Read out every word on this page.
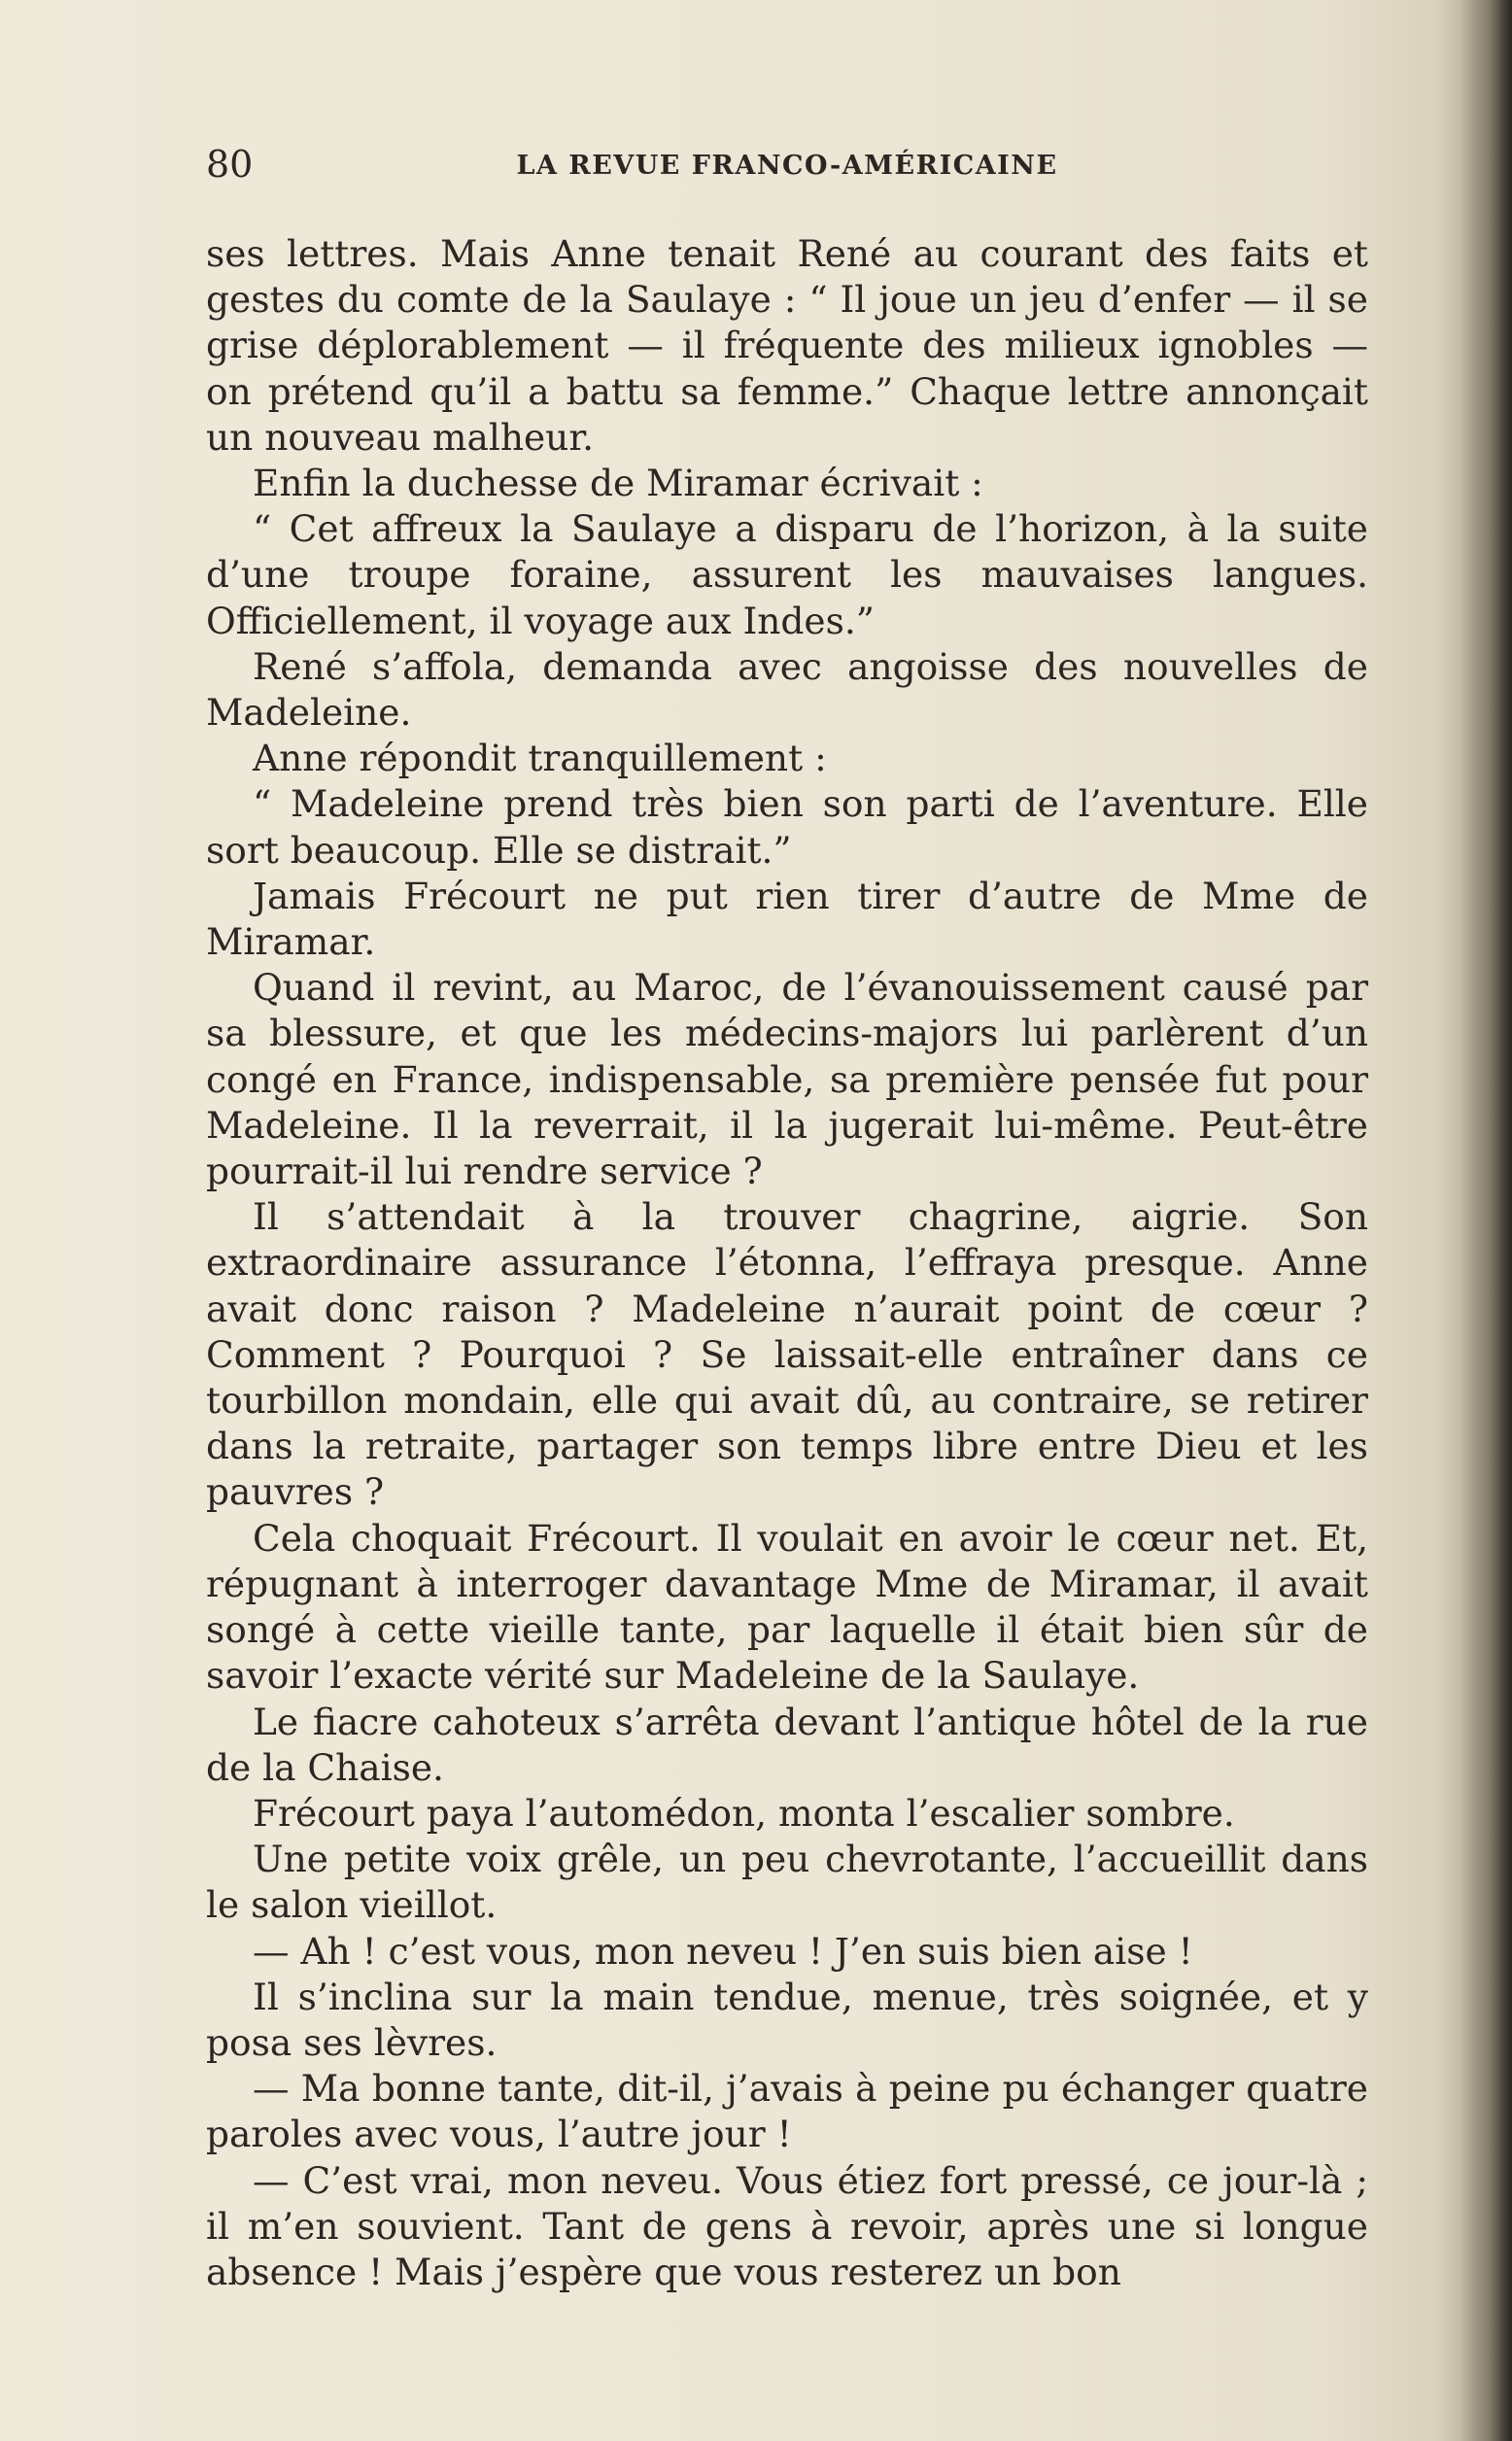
80	LA REVUE FRANCO-AMÉRICAINE

ses lettres. Mais Anne tenait René au courant des faits et gestes du comte de la Saulaye : “ Il joue un jeu d’enfer — il se grise déplorablement — il fréquente des milieux ignobles — on prétend qu’il a battu sa femme.” Chaque lettre annonçait un nouveau malheur.

Enfin la duchesse de Miramar écrivait :

“ Cet affreux la Saulaye a disparu de l’horizon, à la suite d’une troupe foraine, assurent les mauvaises langues. Officiellement, il voyage aux Indes.”

René s’affola, demanda avec angoisse des nouvelles de Madeleine.

Anne répondit tranquillement :

“ Madeleine prend très bien son parti de l’aventure. Elle sort beaucoup. Elle se distrait.”

Jamais Frécourt ne put rien tirer d’autre de Mme de Miramar.

Quand il revint, au Maroc, de l’évanouissement causé par sa blessure, et que les médecins-majors lui parlèrent d’un congé en France, indispensable, sa première pensée fut pour Madeleine. Il la reverrait, il la jugerait lui-même. Peut-être pourrait-il lui rendre service ?

Il s’attendait à la trouver chagrine, aigrie. Son extraordinaire assurance l’étonna, l’effraya presque. Anne avait donc raison ? Madeleine n’aurait point de cœur ? Comment ? Pourquoi ? Se laissait-elle entraîner dans ce tourbillon mondain, elle qui avait dû, au contraire, se retirer dans la retraite, partager son temps libre entre Dieu et les pauvres ?

Cela choquait Frécourt. Il voulait en avoir le cœur net. Et, répugnant à interroger davantage Mme de Miramar, il avait songé à cette vieille tante, par laquelle il était bien sûr de savoir l’exacte vérité sur Madeleine de la Saulaye.

Le fiacre cahoteux s’arrêta devant l’antique hôtel de la rue de la Chaise.

Frécourt paya l’automédon, monta l’escalier sombre.

Une petite voix grêle, un peu chevrotante, l’accueillit dans le salon vieillot.

— Ah ! c’est vous, mon neveu ! J’en suis bien aise !

Il s’inclina sur la main tendue, menue, très soignée, et y posa ses lèvres.

— Ma bonne tante, dit-il, j’avais à peine pu échanger quatre paroles avec vous, l’autre jour !

— C’est vrai, mon neveu. Vous étiez fort pressé, ce jour-là ; il m’en souvient. Tant de gens à revoir, après une si longue absence ! Mais j’espère que vous resterez un bon
